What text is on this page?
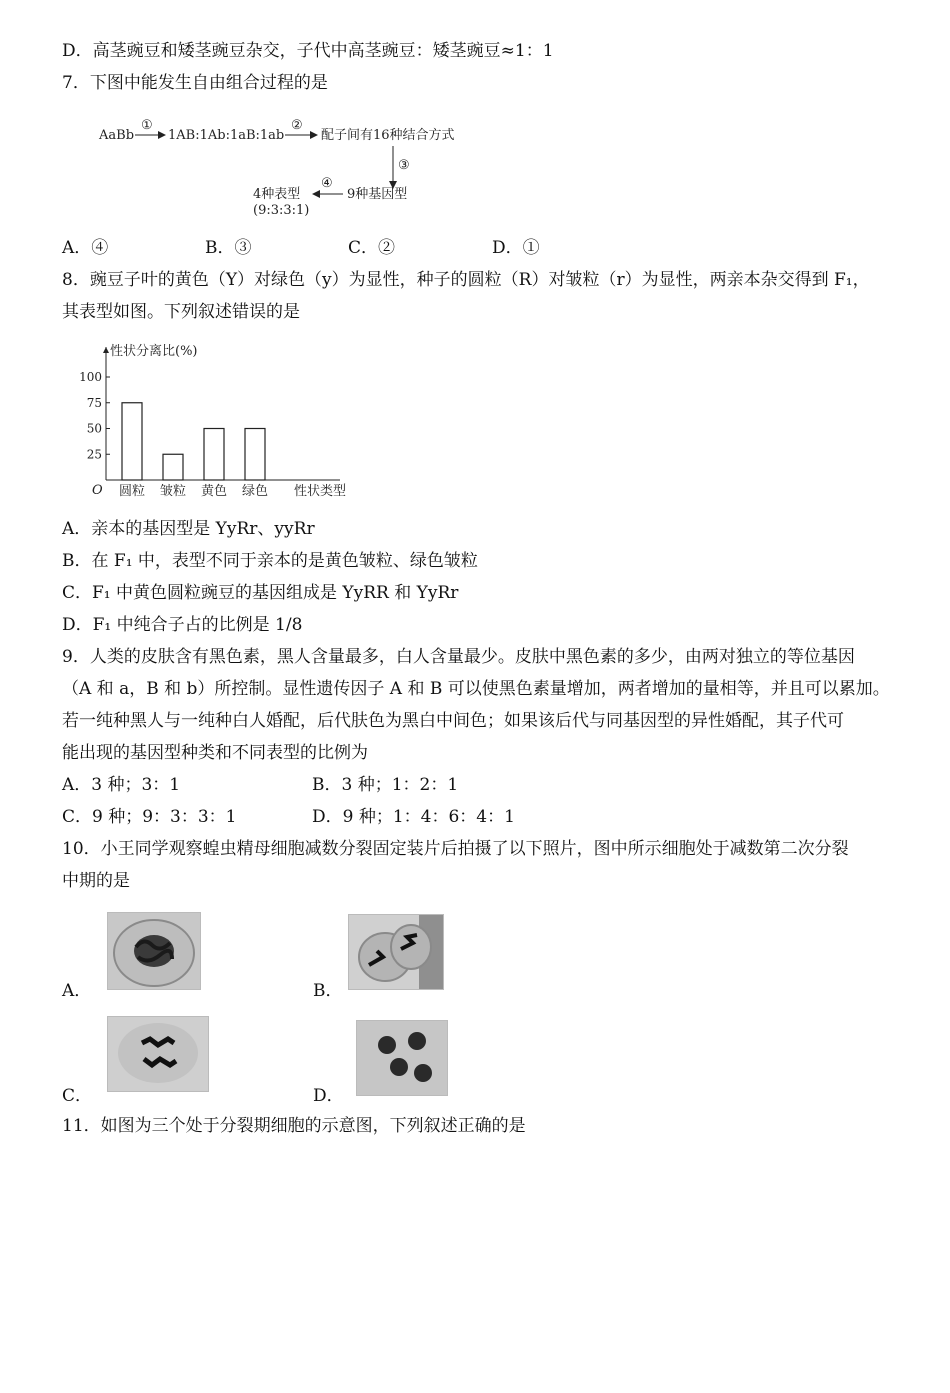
D．高茎豌豆和矮茎豌豆杂交，子代中高茎豌豆：矮茎豌豆≈1：1
7．下图中能发生自由组合过程的是
AaBb
①
1AB:1Ab:1aB:1ab
②
配子间有16种结合方式
③
9种基因型
④
4种表型
(9:3:3:1)
A．④	B．③	C．②	D．①
8．豌豆子叶的黄色（Y）对绿色（y）为显性，种子的圆粒（R）对皱粒（r）为显性，两亲本杂交得到 F₁，
其表型如图。下列叙述错误的是
性状分离比(%)
O
25
50
75
100
圆粒 皱粒 黄色 绿色 性状类型
A．亲本的基因型是 YyRr、yyRr
B．在 F₁ 中，表型不同于亲本的是黄色皱粒、绿色皱粒
C．F₁ 中黄色圆粒豌豆的基因组成是 YyRR 和 YyRr
D．F₁ 中纯合子占的比例是 1/8
9．人类的皮肤含有黑色素，黑人含量最多，白人含量最少。皮肤中黑色素的多少，由两对独立的等位基因
（A 和 a，B 和 b）所控制。显性遗传因子 A 和 B 可以使黑色素量增加，两者增加的量相等，并且可以累加。
若一纯种黑人与一纯种白人婚配，后代肤色为黑白中间色；如果该后代与同基因型的异性婚配，其子代可
能出现的基因型种类和不同表型的比例为
A．3 种；3：1	B．3 种；1：2：1
C．9 种；9：3：3：1	D．9 种；1：4：6：4：1
10．小王同学观察蝗虫精母细胞减数分裂固定装片后拍摄了以下照片，图中所示细胞处于减数第二次分裂
中期的是
A．	B．
C．	D．
11．如图为三个处于分裂期细胞的示意图，下列叙述正确的是
